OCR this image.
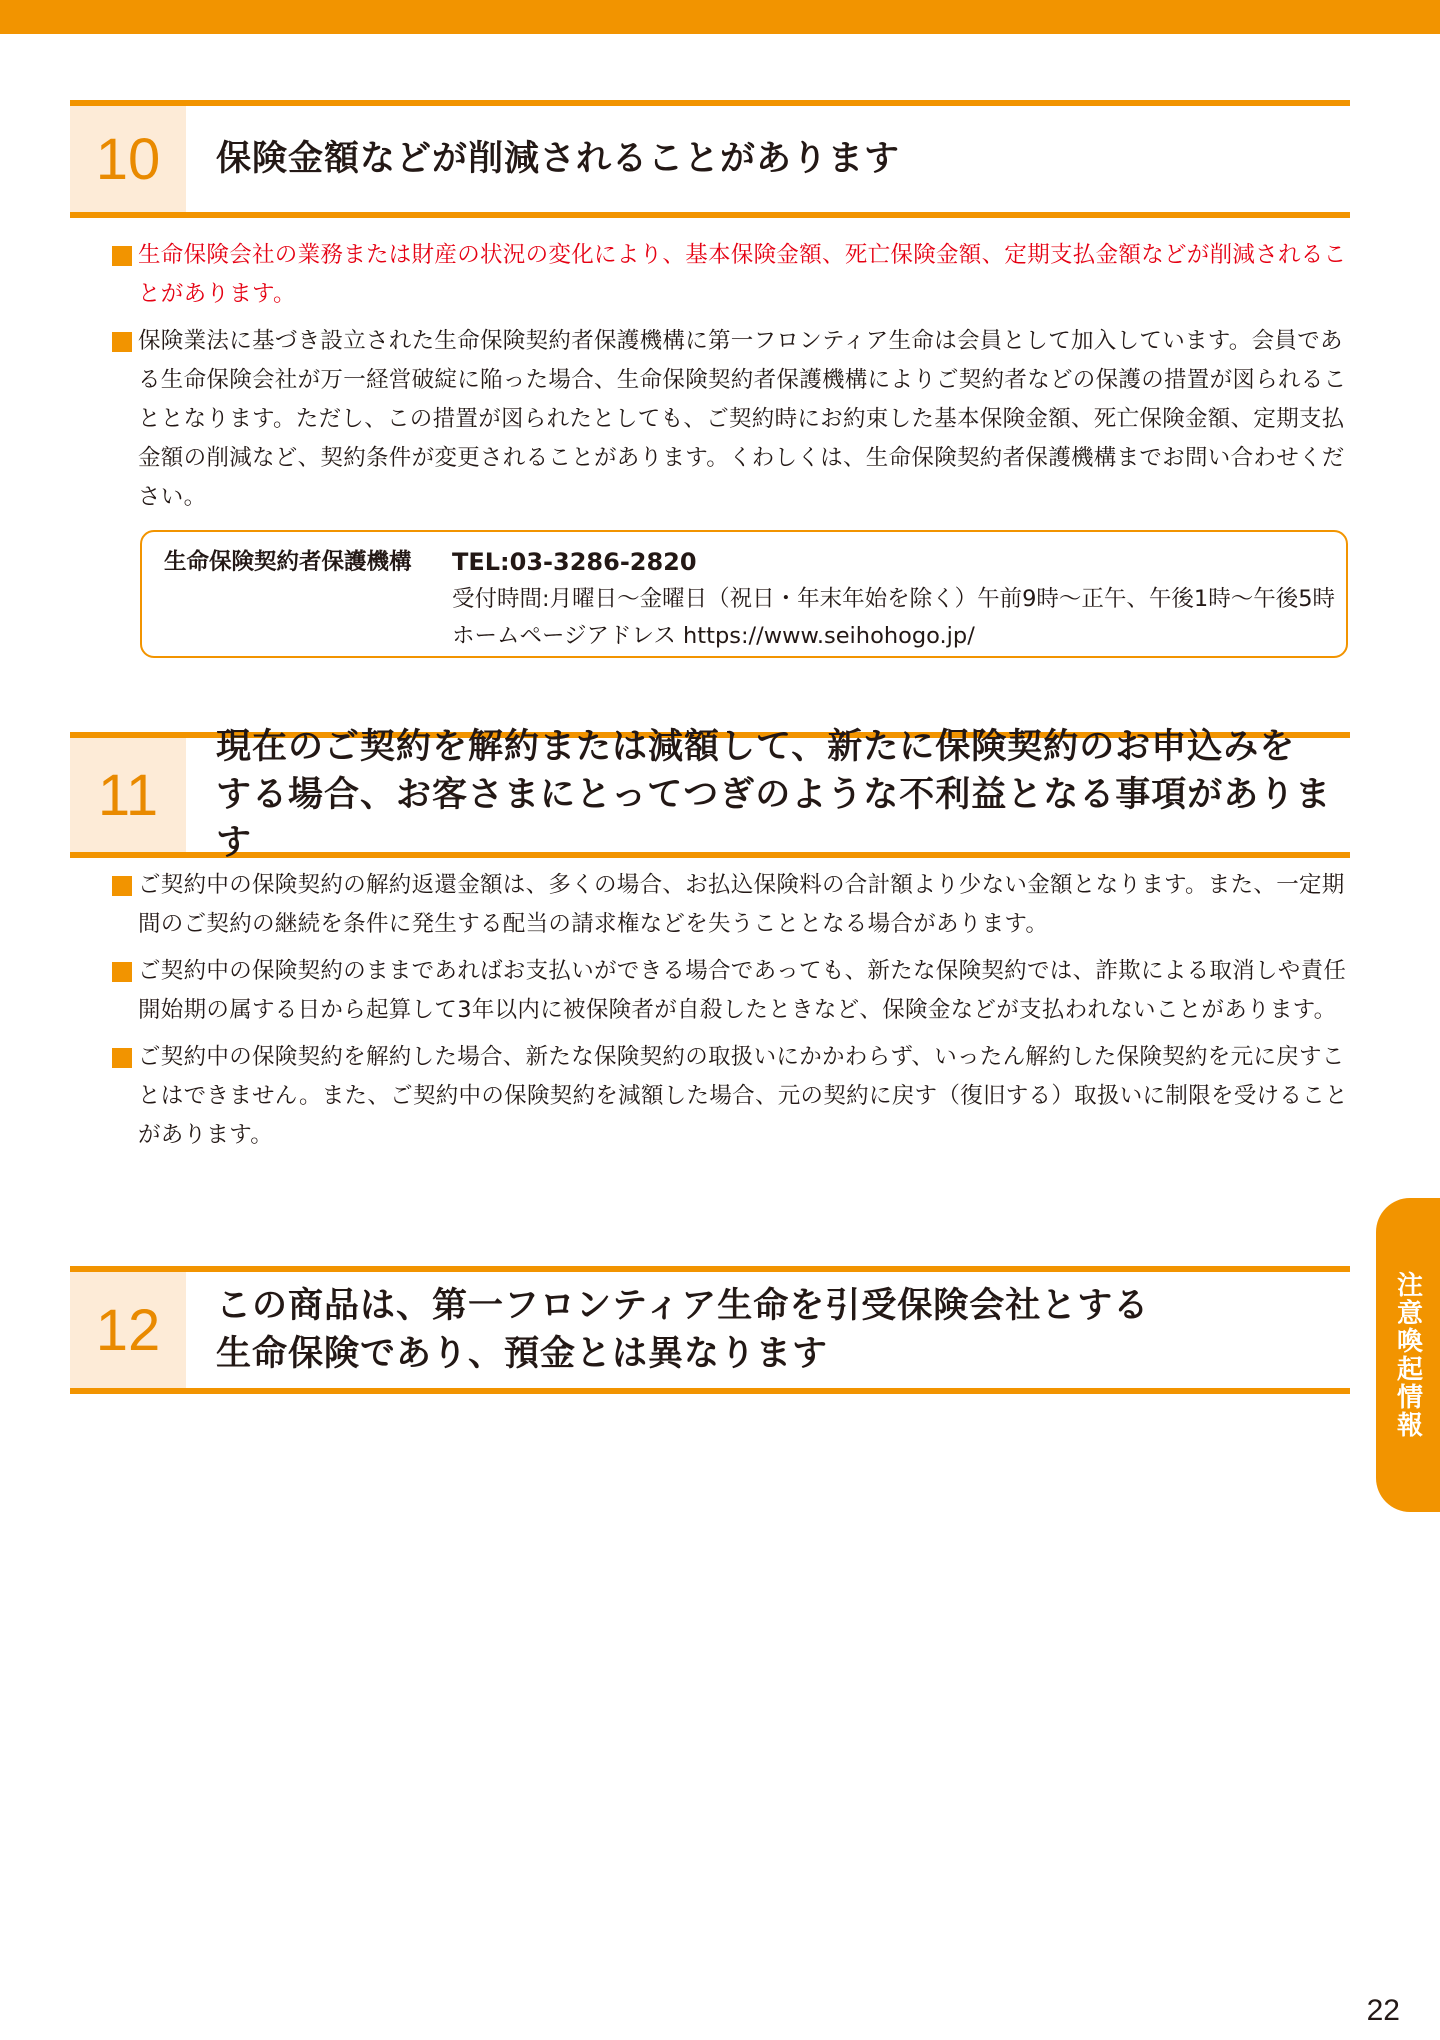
10	保険金額などが削減されることがあります
生命保険会社の業務または財産の状況の変化により、基本保険金額、死亡保険金額、定期支払金額などが削減されることがあります。
保険業法に基づき設立された生命保険契約者保護機構に第一フロンティア生命は会員として加入しています。会員である生命保険会社が万一経営破綻に陥った場合、生命保険契約者保護機構によりご契約者などの保護の措置が図られることとなります。ただし、この措置が図られたとしても、ご契約時にお約束した基本保険金額、死亡保険金額、定期支払金額の削減など、契約条件が変更されることがあります。くわしくは、生命保険契約者保護機構までお問い合わせください。
生命保険契約者保護機構 TEL:03-3286-2820
受付時間:月曜日～金曜日（祝日・年末年始を除く）午前9時～正午、午後1時～午後5時
ホームページアドレス https://www.seihohogo.jp/
11
現在のご契約を解約または減額して、新たに保険契約のお申込みを
する場合、お客さまにとってつぎのような不利益となる事項があります
ご契約中の保険契約の解約返還金額は、多くの場合、お払込保険料の合計額より少ない金額となります。また、一定期間のご契約の継続を条件に発生する配当の請求権などを失うこととなる場合があります。
ご契約中の保険契約のままであればお支払いができる場合であっても、新たな保険契約では、詐欺による取消しや責任開始期の属する日から起算して3年以内に被保険者が自殺したときなど、保険金などが支払われないことがあります。
ご契約中の保険契約を解約した場合、新たな保険契約の取扱いにかかわらず、いったん解約した保険契約を元に戻すことはできません。また、ご契約中の保険契約を減額した場合、元の契約に戻す（復旧する）取扱いに制限を受けることがあります。
12	この商品は、第一フロンティア生命を引受保険会社とする
生命保険であり、預金とは異なります	注意喚起情報
22
